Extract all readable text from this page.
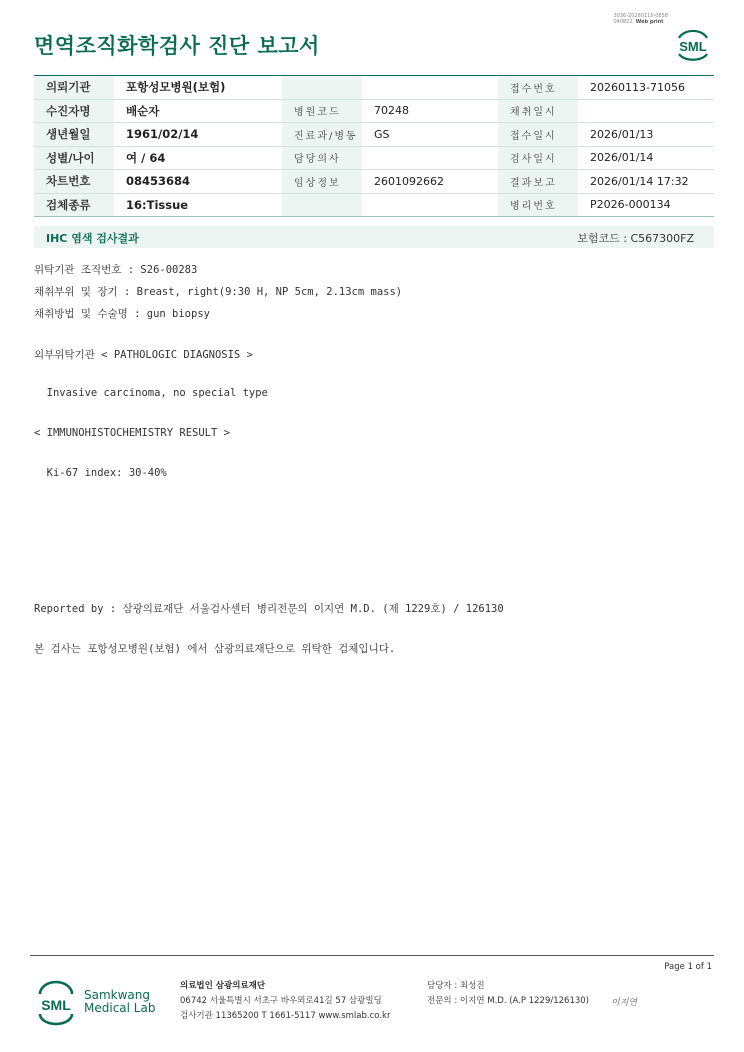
면역조직화학검사 진단 보고서
3036-20260115-0858
040822 Web print
SML
의뢰기관	포항성모병원(보험)			접수번호	20260113-71056
수진자명	배순자	병원코드	70248	채취일시	
생년월일	1961/02/14	진료과/병동	GS	접수일시	2026/01/13
성별/나이	여 / 64	담당의사		검사일시	2026/01/14
차트번호	08453684	임상정보	2601092662	결과보고	2026/01/14 17:32
검체종류	16:Tissue			병리번호	P2026-000134
IHC 염색 검사결과	보험코드 : C567300FZ
위탁기관 조직번호 : S26-00283
채취부위 및 장기 : Breast, right(9:30 H, NP 5cm, 2.13cm mass)
채취방법 및 수술명 : gun biopsy
외부위탁기관 < PATHOLOGIC DIAGNOSIS >
Invasive carcinoma, no special type
< IMMUNOHISTOCHEMISTRY RESULT >
Ki-67 index: 30-40%
Reported by : 삼광의료재단 서울검사센터 병리전문의 이지연 M.D. (제 1229호) / 126130
본 검사는 포항성모병원(보험) 에서 삼광의료재단으로 위탁한 검체입니다.
Page 1 of 1
SML
Samkwang
Medical Lab
의료법인 삼광의료재단
06742 서울특별시 서초구 바우뫼로41길 57 삼광빌딩
검사기관 11365200 T 1661-5117 www.smlab.co.kr
담당자 : 최성진
전문의 : 이지연 M.D. (A.P 1229/126130) 이지연
